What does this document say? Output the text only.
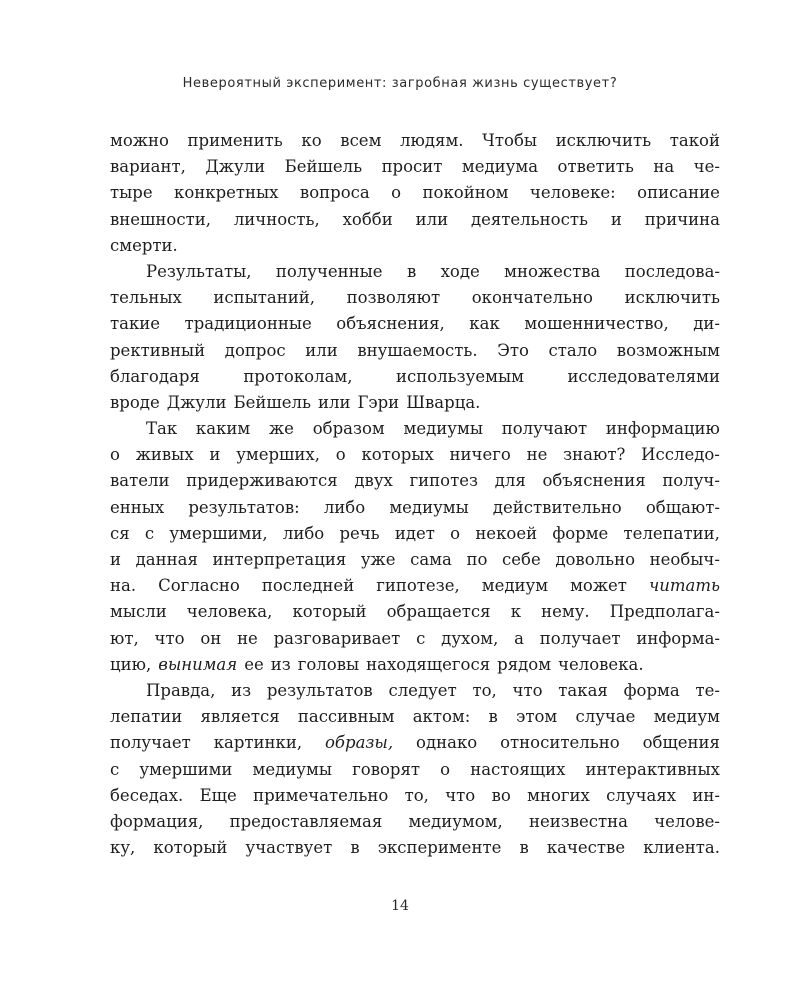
Невероятный эксперимент: загробная жизнь существует?
можно применить ко всем людям. Чтобы исключить такой
вариант, Джули Бейшель просит медиума ответить на че-
тыре конкретных вопроса о покойном человеке: описание
внешности, личность, хобби или деятельность и причина
смерти.
Результаты, полученные в ходе множества последова-
тельных испытаний, позволяют окончательно исключить
такие традиционные объяснения, как мошенничество, ди-
рективный допрос или внушаемость. Это стало возможным
благодаря	протоколам,	используемым	исследователями
вроде Джули Бейшель или Гэри Шварца.
Так каким же образом медиумы получают информацию
о живых и умерших, о которых ничего не знают? Исследо-
ватели придерживаются двух гипотез для объяснения получ-
енных результатов: либо медиумы действительно общают-
ся с умершими, либо речь идет о некоей форме телепатии,
и данная интерпретация уже сама по себе довольно необыч-
на. Согласно последней гипотезе, медиум может читать
мысли человека, который обращается к нему. Предполага-
ют, что он не разговаривает с духом, а получает информа-
цию, вынимая ее из головы находящегося рядом человека.
Правда, из результатов следует то, что такая форма те-
лепатии является пассивным актом: в этом случае медиум
получает картинки, образы, однако относительно общения
с умершими медиумы говорят о настоящих интерактивных
беседах. Еще примечательно то, что во многих случаях ин-
формация, предоставляемая медиумом, неизвестна челове-
ку, который участвует в эксперименте в качестве клиента.
14
